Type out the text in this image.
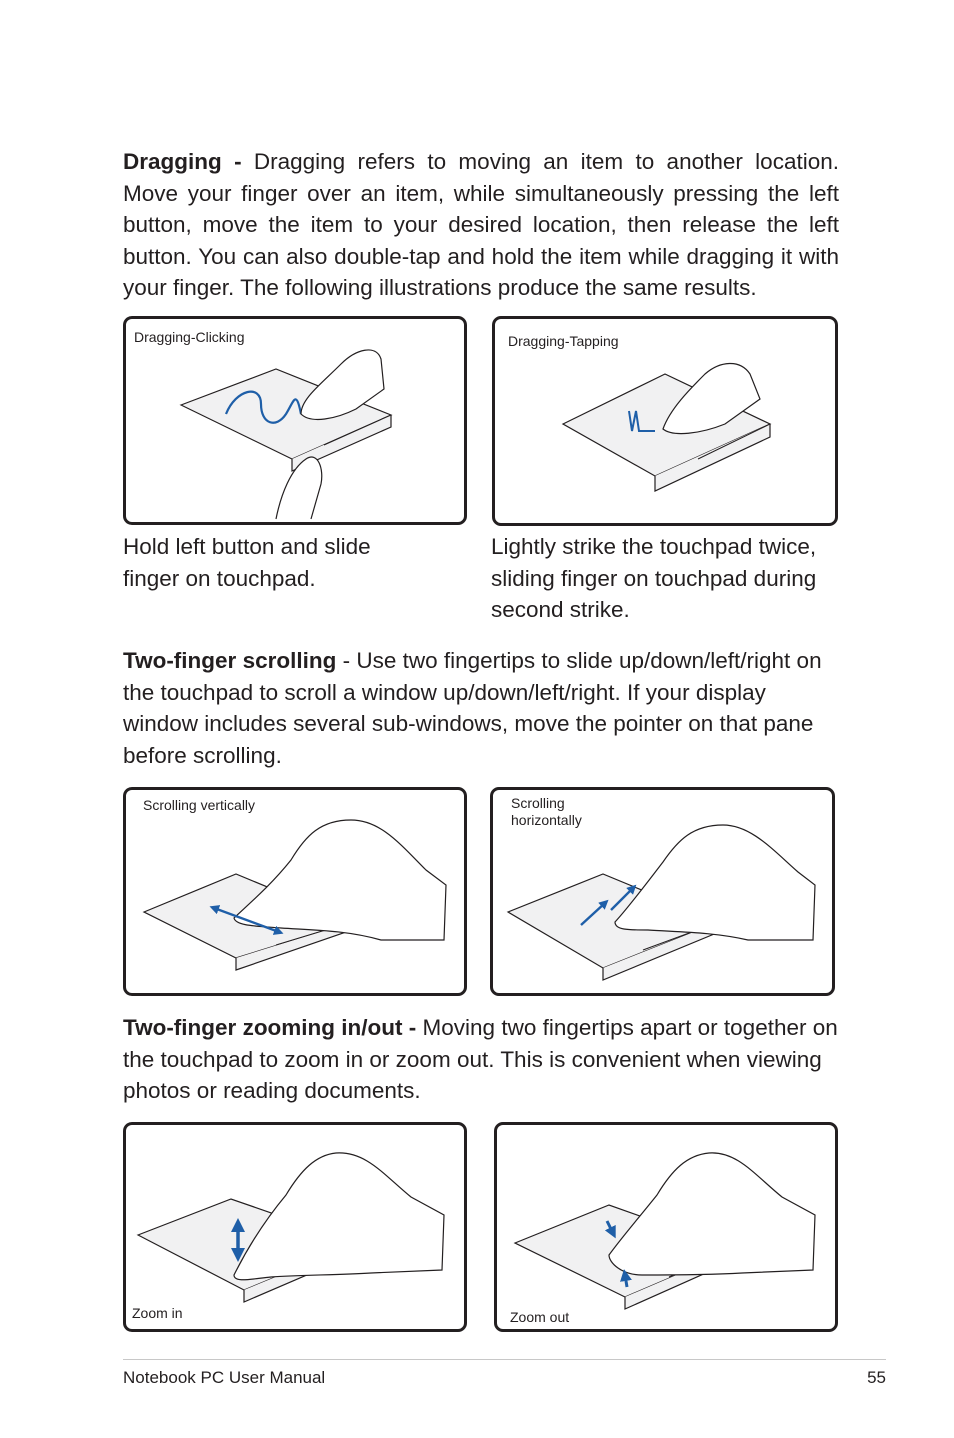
Dragging - Dragging refers to moving an item to another location. Move your finger over an item, while simultaneously pressing the left button, move the item to your desired location, then release the left button. You can also double-tap and hold the item while dragging it with your finger. The following illustrations produce the same results.

Dragging-Clicking	Dragging-Tapping

Hold left button and slide finger on touchpad.

Lightly strike the touchpad twice, sliding finger on touchpad during second strike.

Two-finger scrolling - Use two fingertips to slide up/down/left/right on the touchpad to scroll a window up/down/left/right. If your display window includes several sub-windows, move the pointer on that pane before scrolling.

Scrolling vertically	Scrolling horizontally

Two-finger zooming in/out - Moving two fingertips apart or together on the touchpad to zoom in or zoom out. This is convenient when viewing photos or reading documents.

Zoom in	Zoom out
Notebook PC User Manual	55
